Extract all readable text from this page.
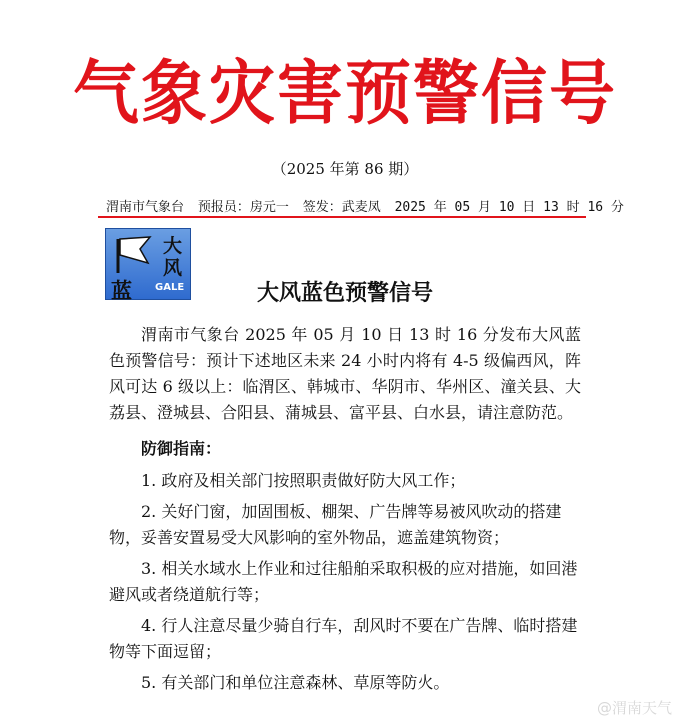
气象灾害预警信号
（2025 年第 86 期）
渭南市气象台 预报员：房元一 签发：武麦凤 2025 年 05 月 10 日 13 时 16 分
大
风
蓝 GALE	大风蓝色预警信号
渭南市气象台 2025 年 05 月 10 日 13 时 16 分发布大风蓝色预警信号：预计下述地区未来 24 小时内将有 4-5 级偏西风，阵风可达 6 级以上：临渭区、韩城市、华阴市、华州区、潼关县、大荔县、澄城县、合阳县、蒲城县、富平县、白水县，请注意防范。
防御指南：
1. 政府及相关部门按照职责做好防大风工作；
2. 关好门窗，加固围板、棚架、广告牌等易被风吹动的搭建物，妥善安置易受大风影响的室外物品，遮盖建筑物资；
3. 相关水域水上作业和过往船舶采取积极的应对措施，如回港避风或者绕道航行等；
4. 行人注意尽量少骑自行车，刮风时不要在广告牌、临时搭建物等下面逗留；
5. 有关部门和单位注意森林、草原等防火。
@渭南天气
